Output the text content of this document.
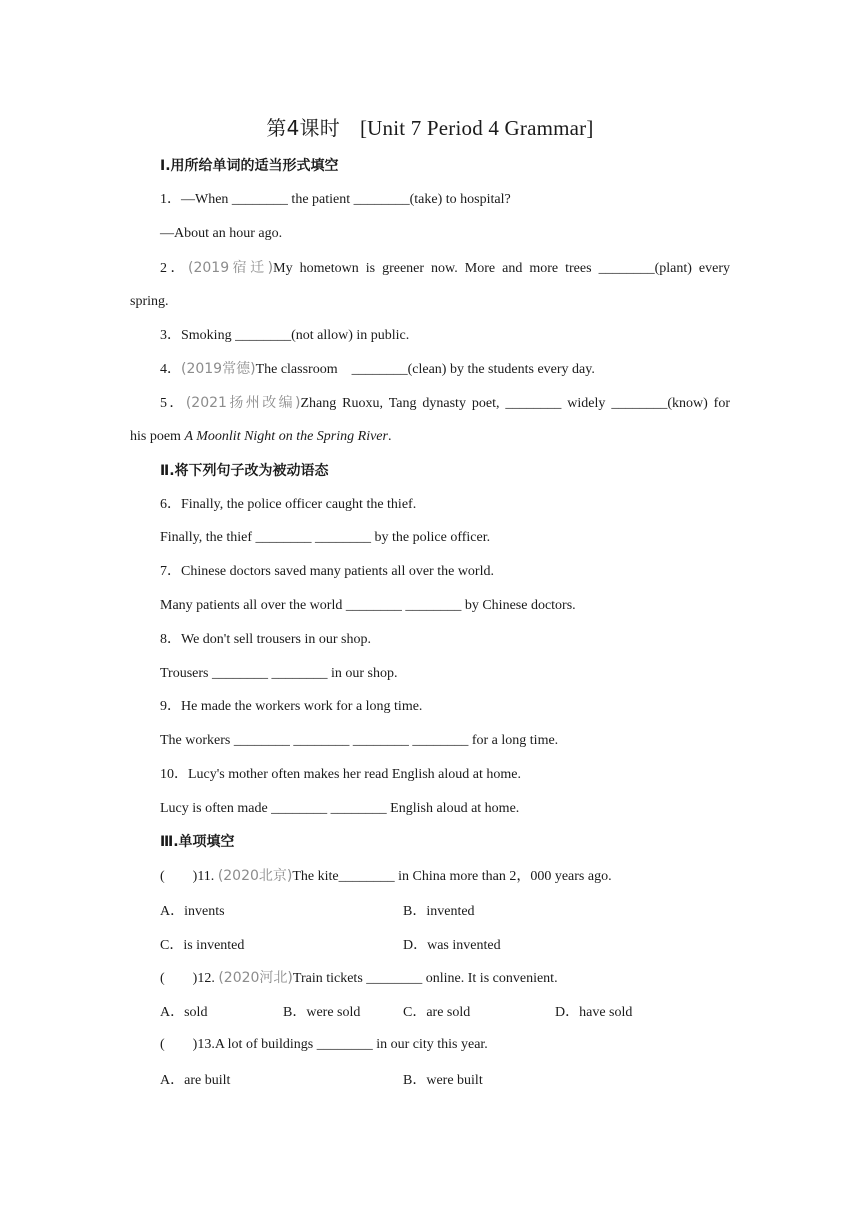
第4课时 [Unit 7 Period 4 Grammar]
Ⅰ.用所给单词的适当形式填空
1．—When ________ the patient ________(take) to hospital?
—About an hour ago.
2．(2019宿迁)My hometown is greener now. More and more trees ________(plant) every
spring.
3．Smoking ________(not allow) in public.
4．(2019常德)The classroom    ________(clean) by the students every day.
5．(2021扬州改编)Zhang Ruoxu, Tang dynasty poet, ________ widely ________(know) for
his poem A Moonlit Night on the Spring River.
Ⅱ.将下列句子改为被动语态
6．Finally, the police officer caught the thief.
Finally, the thief ________ ________ by the police officer.
7．Chinese doctors saved many patients all over the world.
Many patients all over the world ________ ________ by Chinese doctors.
8．We don't sell trousers in our shop.
Trousers ________ ________ in our shop.
9．He made the workers work for a long time.
The workers ________ ________ ________ ________ for a long time.
10．Lucy's mother often makes her read English aloud at home.
Lucy is often made ________ ________ English aloud at home.
Ⅲ.单项填空
(        )11. (2020北京)The kite________ in China more than 2，000 years ago.
A．invents	B．invented
C．is invented	D．was invented
(        )12. (2020河北)Train tickets ________ online. It is convenient.
A．sold	B．were sold	C．are sold	D．have sold
(        )13.A lot of buildings ________ in our city this year.
A．are built	B．were built
